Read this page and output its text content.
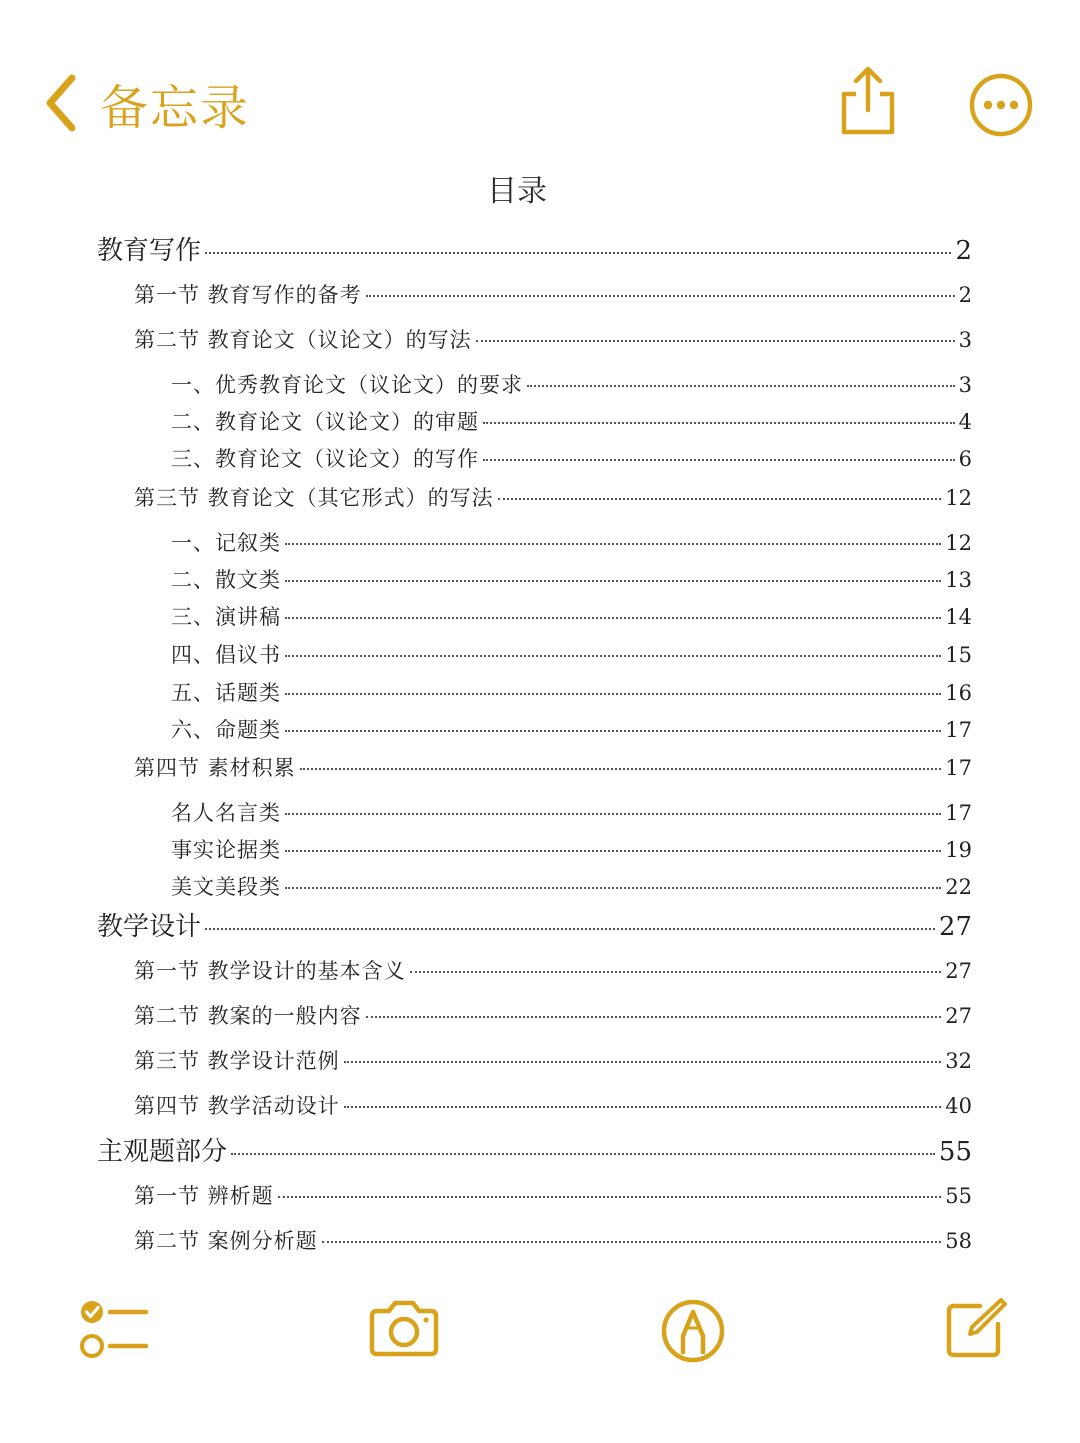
备忘录
目录
教育写作	2
第一节 教育写作的备考	2
第二节 教育论文（议论文）的写法	3
一、优秀教育论文（议论文）的要求	3
二、教育论文（议论文）的审题	4
三、教育论文（议论文）的写作	6
第三节 教育论文（其它形式）的写法	12
一、记叙类	12
二、散文类	13
三、演讲稿	14
四、倡议书	15
五、话题类	16
六、命题类	17
第四节 素材积累	17
名人名言类	17
事实论据类	19
美文美段类	22
教学设计	27
第一节 教学设计的基本含义	27
第二节 教案的一般内容	27
第三节 教学设计范例	32
第四节 教学活动设计	40
主观题部分	55
第一节 辨析题	55
第二节 案例分析题	58
